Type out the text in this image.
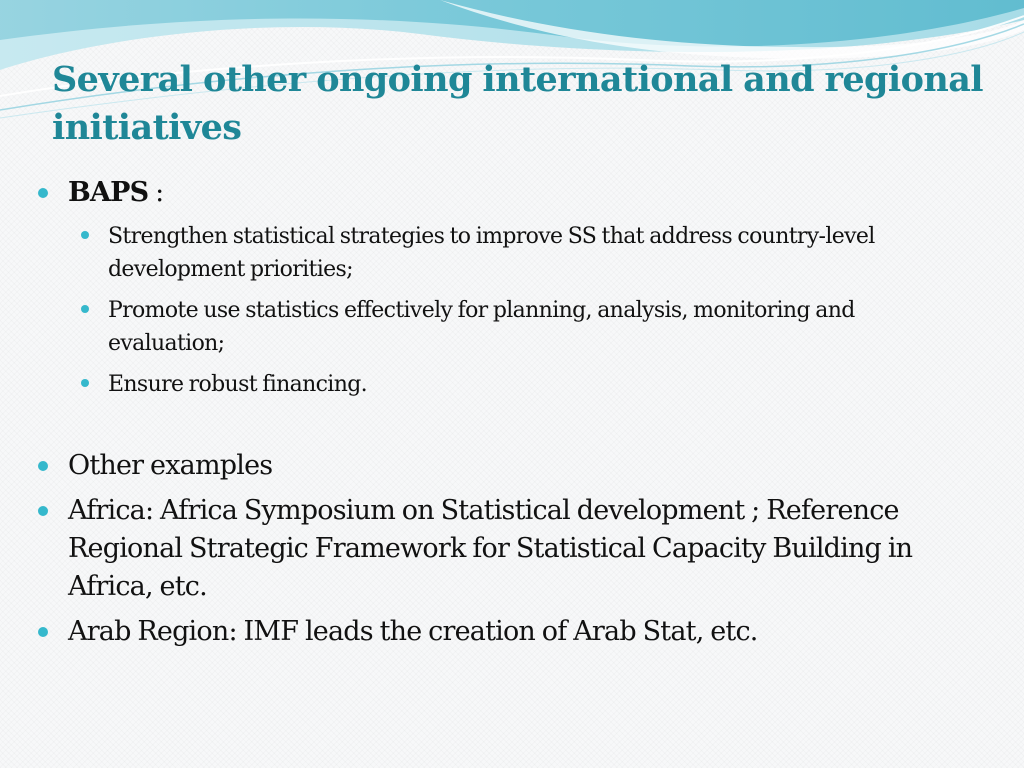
Several other ongoing international and regional initiatives
BAPS :
Strengthen statistical strategies to improve SS that address country-level development priorities;
Promote use statistics effectively for planning, analysis, monitoring and evaluation;
Ensure robust financing.
Other examples
Africa: Africa Symposium on Statistical development ; Reference Regional Strategic Framework for Statistical Capacity Building in Africa, etc.
Arab Region: IMF leads the creation of Arab Stat, etc.
